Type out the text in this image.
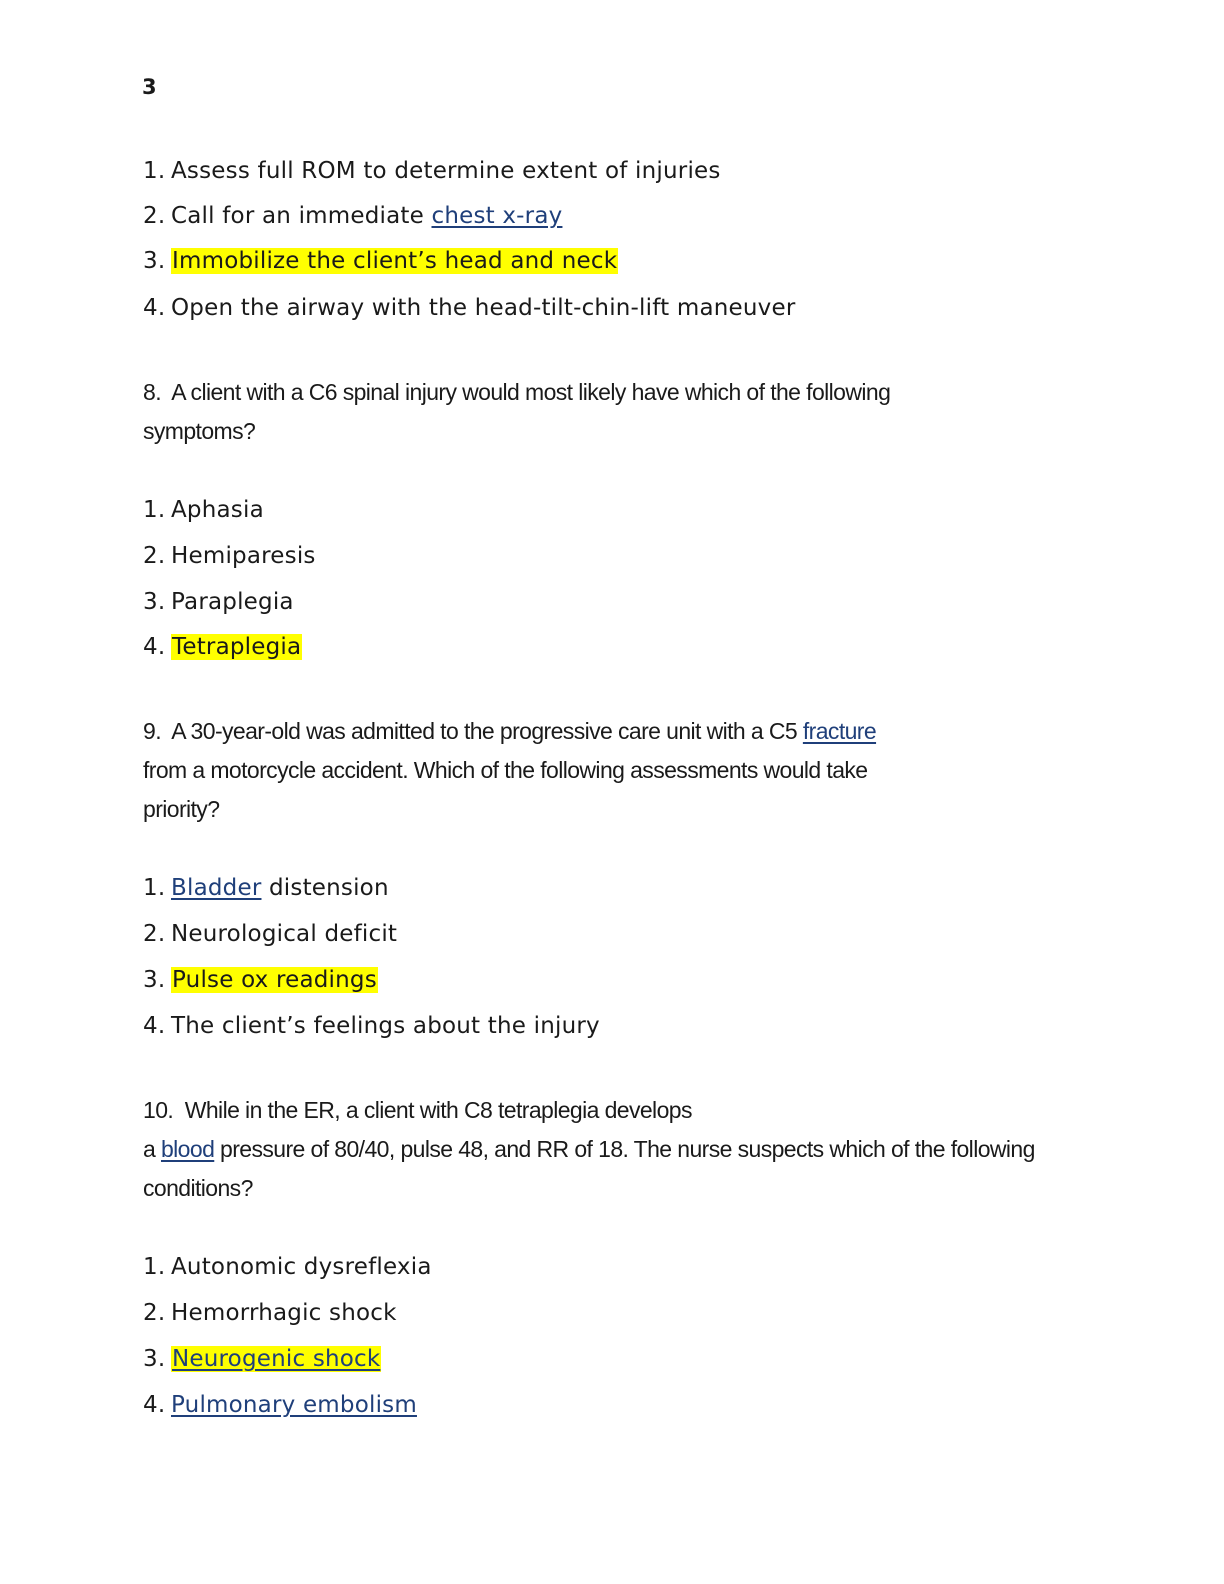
3
1. Assess full ROM to determine extent of injuries
2. Call for an immediate chest x-ray
3. Immobilize the client’s head and neck
4. Open the airway with the head-tilt-chin-lift maneuver
8.  A client with a C6 spinal injury would most likely have which of the following
symptoms?
1. Aphasia
2. Hemiparesis
3. Paraplegia
4. Tetraplegia
9.  A 30-year-old was admitted to the progressive care unit with a C5 fracture
from a motorcycle accident. Which of the following assessments would take
priority?
1. Bladder distension
2. Neurological deficit
3. Pulse ox readings
4. The client’s feelings about the injury
10.  While in the ER, a client with C8 tetraplegia develops
a blood pressure of 80/40, pulse 48, and RR of 18. The nurse suspects which of the following
conditions?
1. Autonomic dysreflexia
2. Hemorrhagic shock
3. Neurogenic shock
4. Pulmonary embolism
